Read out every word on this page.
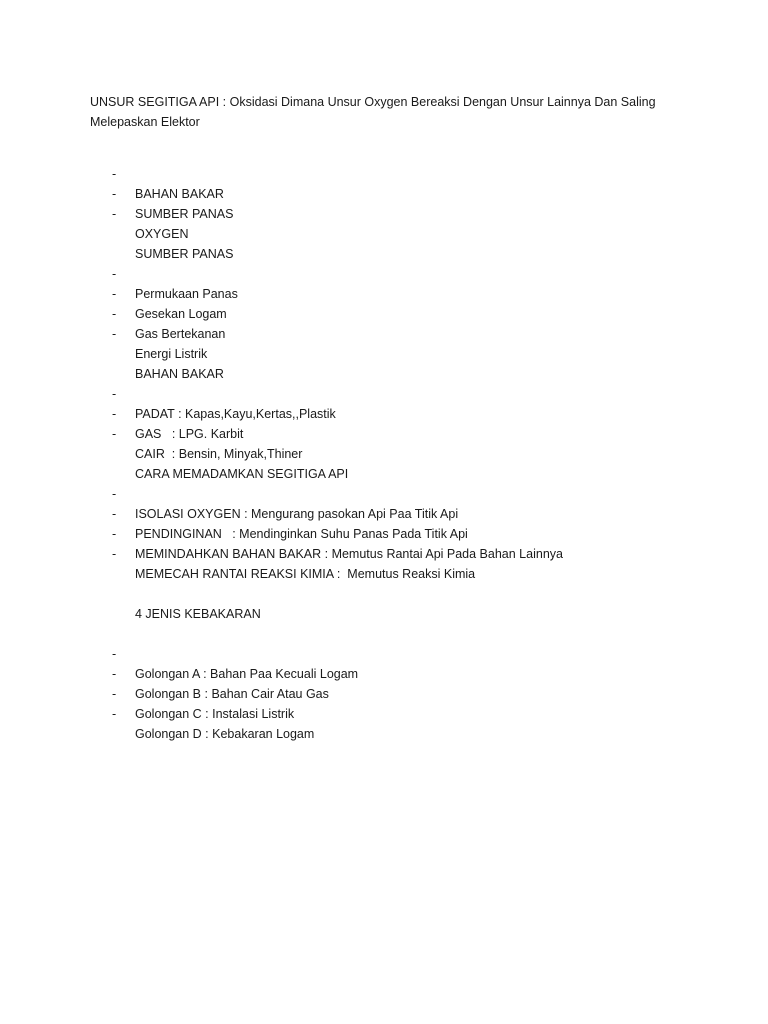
UNSUR SEGITIGA API : Oksidasi Dimana Unsur Oxygen Bereaksi Dengan Unsur Lainnya Dan Saling Melepaskan Elektor

-

BAHAN BAKAR

-

SUMBER PANAS

-

OXYGEN

SUMBER PANAS

-

Permukaan Panas

-

Gesekan Logam

-

Gas Bertekanan

-

Energi Listrik

BAHAN BAKAR

-

PADAT : Kapas,Kayu,Kertas,,Plastik

-

GAS   : LPG. Karbit

-

CAIR  : Bensin, Minyak,Thiner

CARA MEMADAMKAN SEGITIGA API

-

ISOLASI OXYGEN : Mengurang pasokan Api Paa Titik Api

-

PENDINGINAN   : Mendinginkan Suhu Panas Pada Titik Api

-

MEMINDAHKAN BAHAN BAKAR : Memutus Rantai Api Pada Bahan Lainnya

-

MEMECAH RANTAI REAKSI KIMIA :  Memutus Reaksi Kimia

4 JENIS KEBAKARAN

-

Golongan A : Bahan Paa Kecuali Logam

-

Golongan B : Bahan Cair Atau Gas

-

Golongan C : Instalasi Listrik

-

Golongan D : Kebakaran Logam
